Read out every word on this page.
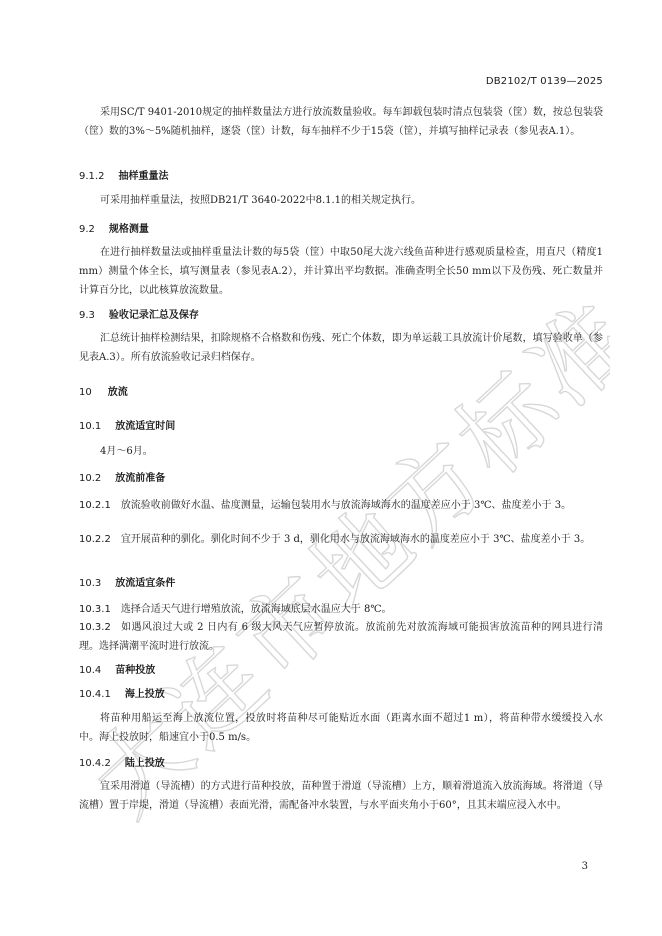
大连市地方标准
DB2102/T 0139—2025

采用SC/T 9401-2010规定的抽样数量法方进行放流数量验收。每车卸载包装时清点包装袋（筐）数，按总包装袋（筐）数的3%～5%随机抽样，逐袋（筐）计数，每车抽样不少于15袋（筐），并填写抽样记录表（参见表A.1）。

9.1.2 抽样重量法

可采用抽样重量法，按照DB21/T 3640-2022中8.1.1的相关规定执行。

9.2 规格测量

在进行抽样数量法或抽样重量法计数的每5袋（筐）中取50尾大泷六线鱼苗种进行感观质量检查，用直尺（精度1 mm）测量个体全长，填写测量表（参见表A.2），并计算出平均数据。准确查明全长50 mm以下及伤残、死亡数量并计算百分比，以此核算放流数量。

9.3 验收记录汇总及保存

汇总统计抽样检测结果，扣除规格不合格数和伤残、死亡个体数，即为单运载工具放流计价尾数，填写验收单（参见表A.3）。所有放流验收记录归档保存。

10 放流
10.1 放流适宜时间

4月～6月。

10.2 放流前准备

10.2.1 放流验收前做好水温、盐度测量，运输包装用水与放流海域海水的温度差应小于 3℃、盐度差小于 3。

10.2.2 宜开展苗种的驯化。驯化时间不少于 3 d，驯化用水与放流海域海水的温度差应小于 3℃、盐度差小于 3。

10.3 放流适宜条件

10.3.1 选择合适天气进行增殖放流，放流海域底层水温应大于 8℃。

10.3.2 如遇风浪过大或 2 日内有 6 级大风天气应暂停放流。放流前先对放流海域可能损害放流苗种的网具进行清理。选择满潮平流时进行放流。

10.4 苗种投放
10.4.1 海上投放

将苗种用船运至海上放流位置，投放时将苗种尽可能贴近水面（距离水面不超过1 m），将苗种带水缓缓投入水中。海上投放时，船速宜小于0.5 m/s。

10.4.2 陆上投放

宜采用滑道（导流槽）的方式进行苗种投放，苗种置于滑道（导流槽）上方，顺着滑道流入放流海域。将滑道（导流槽）置于岸堤，滑道（导流槽）表面光滑，需配备冲水装置，与水平面夹角小于60°，且其末端应浸入水中。

3
